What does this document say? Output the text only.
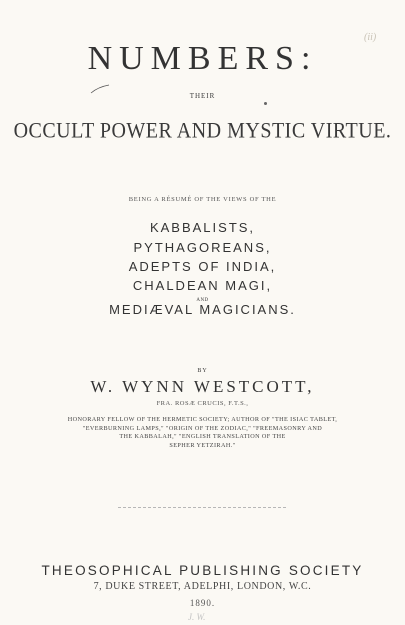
(ii)
NUMBERS:
THEIR
OCCULT POWER AND MYSTIC VIRTUE.
BEING A RÉSUMÉ OF THE VIEWS OF THE
KABBALISTS,
PYTHAGOREANS,
ADEPTS OF INDIA,
CHALDEAN MAGI,
AND
MEDIÆVAL MAGICIANS.
BY
W. WYNN WESTCOTT,
FRA. ROSÆ CRUCIS, F.T.S.,
HONORARY FELLOW OF THE HERMETIC SOCIETY; AUTHOR OF "THE ISIAC TABLET,
"EVERBURNING LAMPS," "ORIGIN OF THE ZODIAC," "FREEMASONRY AND
THE KABBALAH," "ENGLISH TRANSLATION OF THE
SEPHER YETZIRAH."
THEOSOPHICAL PUBLISHING SOCIETY
7, DUKE STREET, ADELPHI, LONDON, W.C.
1890.
J. W.
